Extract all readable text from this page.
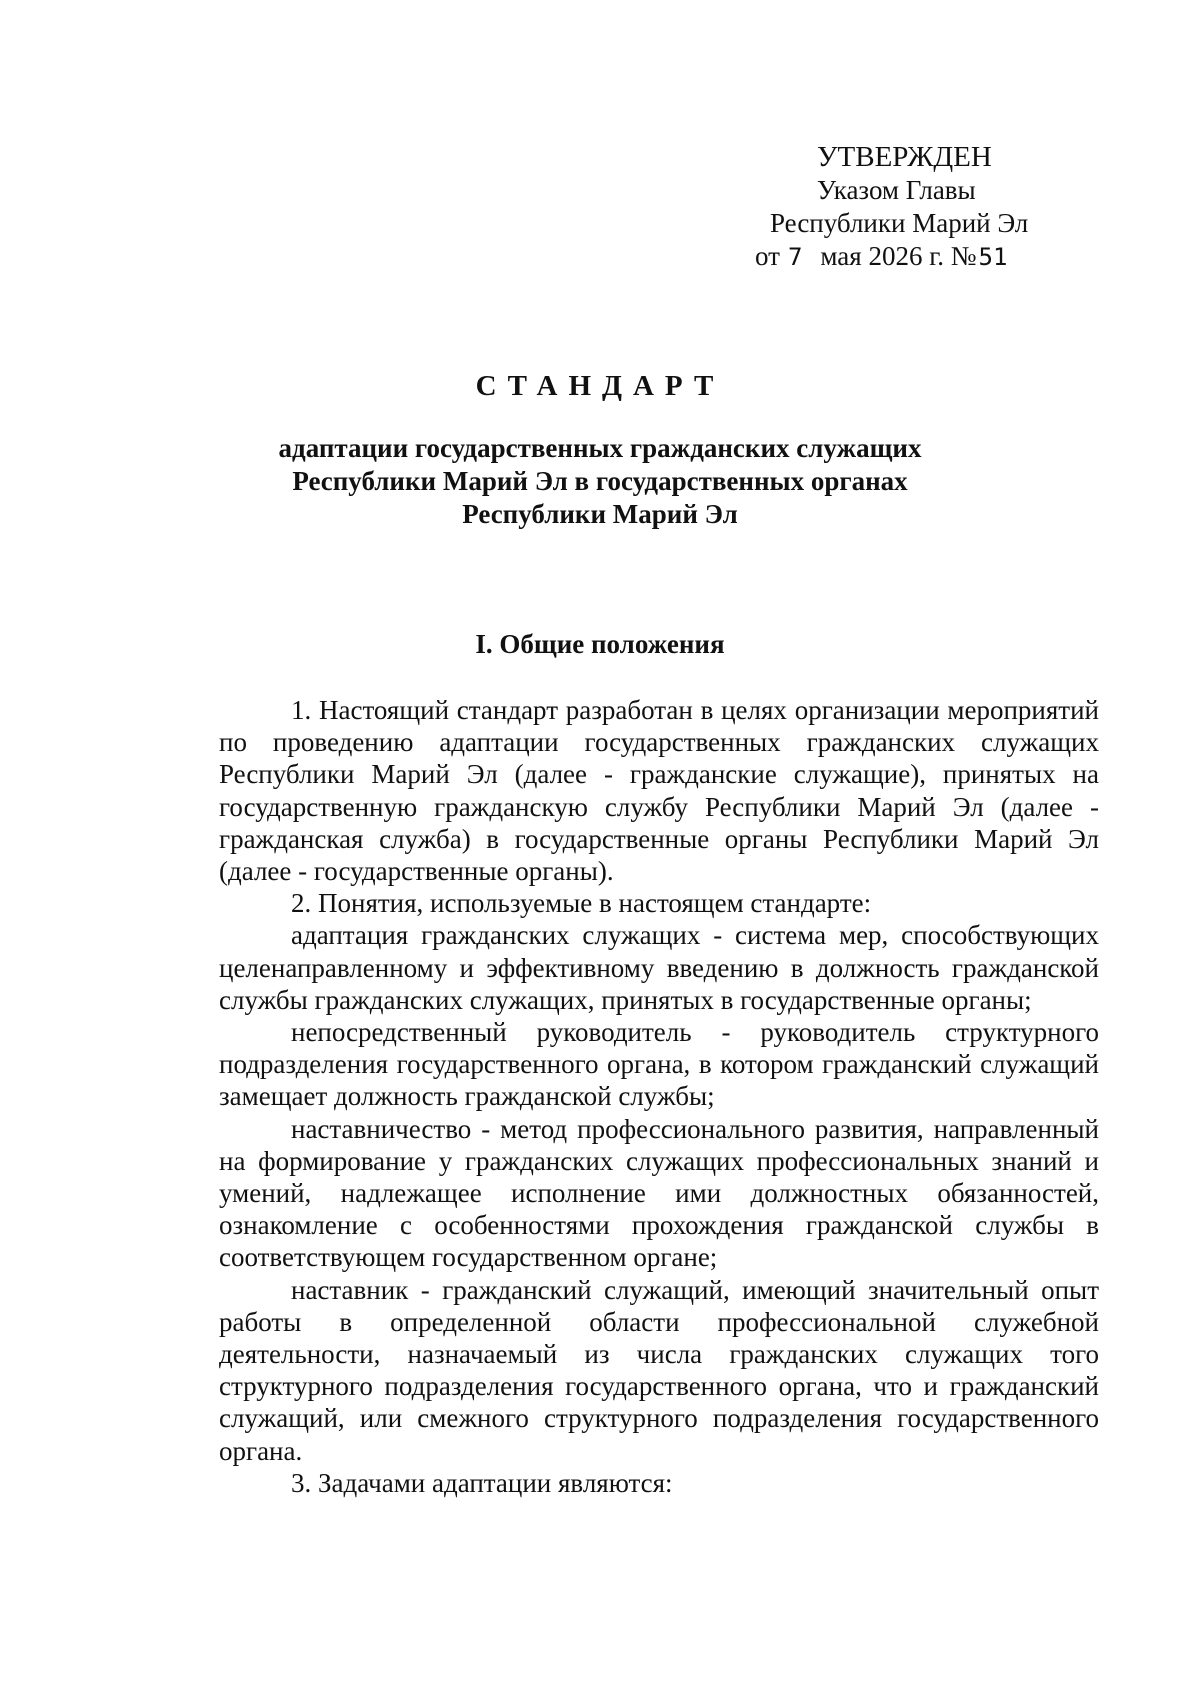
УТВЕРЖДЕН
Указом Главы
Республики Марий Эл
от 7 мая 2026 г. №51
СТАНДАРТ
адаптации государственных гражданских служащих
Республики Марий Эл в государственных органах
Республики Марий Эл
I. Общие положения

1. Настоящий стандарт разработан в целях организации мероприятий по проведению адаптации государственных гражданских служащих Республики Марий Эл (далее - гражданские служащие), принятых на государственную гражданскую службу Республики Марий Эл (далее - гражданская служба) в государственные органы Республики Марий Эл (далее - государственные органы).

2. Понятия, используемые в настоящем стандарте:

адаптация гражданских служащих - система мер, способствующих целенаправленному и эффективному введению в должность гражданской службы гражданских служащих, принятых в государственные органы;

непосредственный руководитель - руководитель структурного подразделения государственного органа, в котором гражданский служащий замещает должность гражданской службы;

наставничество - метод профессионального развития, направленный на формирование у гражданских служащих профессиональных знаний и умений, надлежащее исполнение ими должностных обязанностей, ознакомление с особенностями прохождения гражданской службы в соответствующем государственном органе;

наставник - гражданский служащий, имеющий значительный опыт работы в определенной области профессиональной служебной деятельности, назначаемый из числа гражданских служащих того структурного подразделения государственного органа, что и гражданский служащий, или смежного структурного подразделения государственного органа.

3. Задачами адаптации являются:
